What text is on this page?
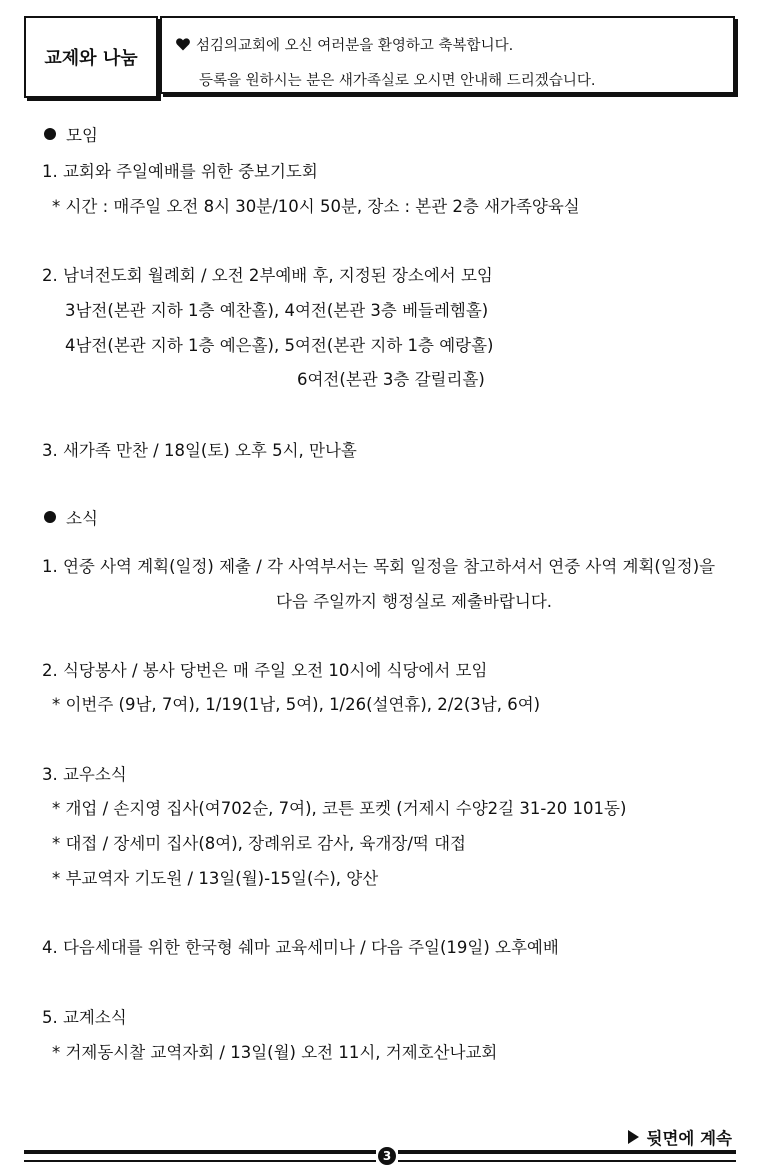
교제와 나눔
섬김의교회에 오신 여러분을 환영하고 축복합니다.
등록을 원하시는 분은 새가족실로 오시면 안내해 드리겠습니다.
모임
1. 교회와 주일예배를 위한 중보기도회
* 시간 : 매주일 오전 8시 30분/10시 50분, 장소 : 본관 2층 새가족양육실
2. 남녀전도회 월례회 / 오전 2부예배 후, 지정된 장소에서 모임
3남전(본관 지하 1층 예찬홀), 4여전(본관 3층 베들레헴홀)
4남전(본관 지하 1층 예은홀), 5여전(본관 지하 1층 예랑홀)
6여전(본관 3층 갈릴리홀)
3. 새가족 만찬 / 18일(토) 오후 5시, 만나홀
소식
1. 연중 사역 계획(일정) 제출 / 각 사역부서는 목회 일정을 참고하셔서 연중 사역 계획(일정)을
다음 주일까지 행정실로 제출바랍니다.
2. 식당봉사 / 봉사 당번은 매 주일 오전 10시에 식당에서 모임
* 이번주 (9남, 7여), 1/19(1남, 5여), 1/26(설연휴), 2/2(3남, 6여)
3. 교우소식
* 개업 / 손지영 집사(여702순, 7여), 코튼 포켓 (거제시 수양2길 31-20 101동)
* 대접 / 장세미 집사(8여), 장례위로 감사, 육개장/떡 대접
* 부교역자 기도원 / 13일(월)-15일(수), 양산
4. 다음세대를 위한 한국형 쉐마 교육세미나 / 다음 주일(19일) 오후예배
5. 교계소식
* 거제동시찰 교역자회 / 13일(월) 오전 11시, 거제호산나교회
뒷면에 계속
3
